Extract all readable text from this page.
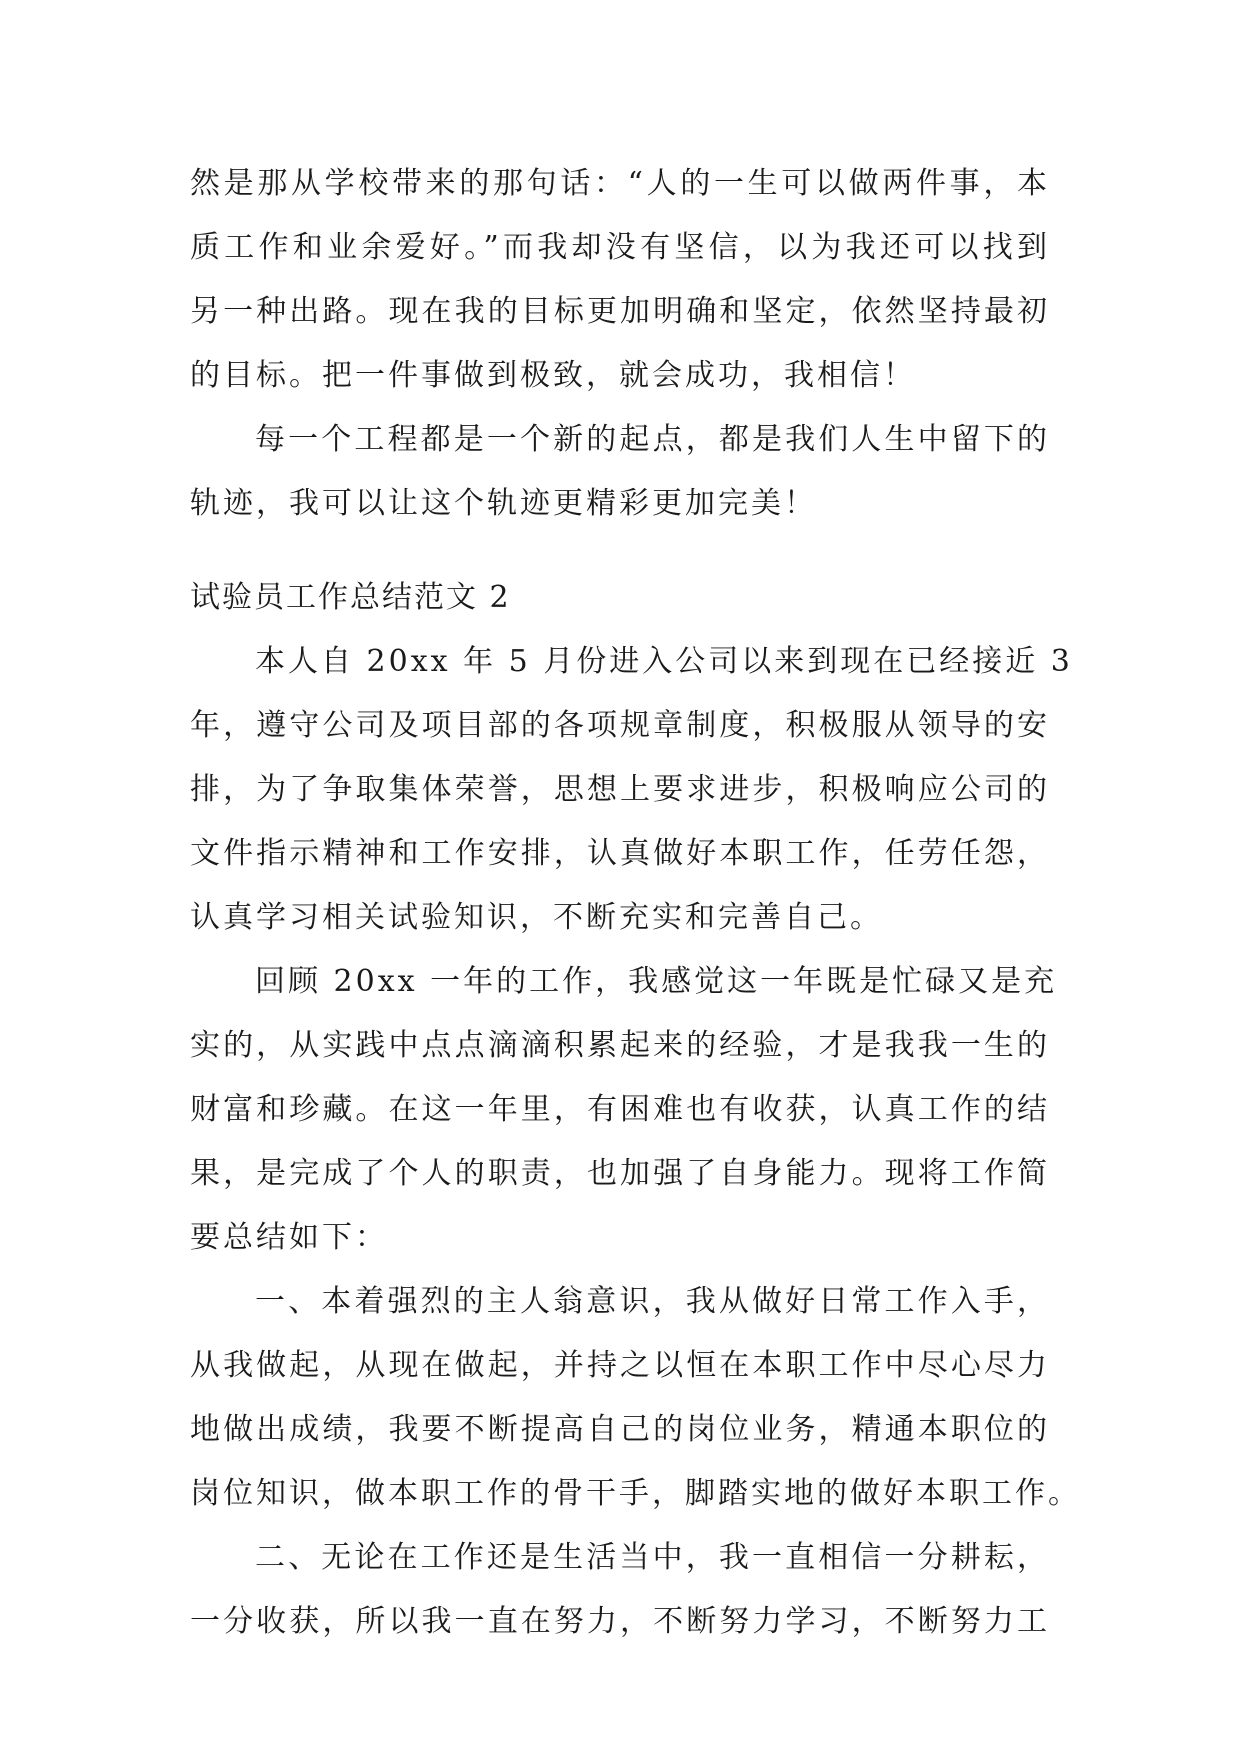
然是那从学校带来的那句话：“人的一生可以做两件事，本
质工作和业余爱好。”而我却没有坚信，以为我还可以找到
另一种出路。现在我的目标更加明确和坚定，依然坚持最初
的目标。把一件事做到极致，就会成功，我相信！
每一个工程都是一个新的起点，都是我们人生中留下的
轨迹，我可以让这个轨迹更精彩更加完美！
试验员工作总结范文 2
本人自 20xx 年 5 月份进入公司以来到现在已经接近 3
年，遵守公司及项目部的各项规章制度，积极服从领导的安
排，为了争取集体荣誉，思想上要求进步，积极响应公司的
文件指示精神和工作安排，认真做好本职工作，任劳任怨，
认真学习相关试验知识，不断充实和完善自己。
回顾 20xx 一年的工作，我感觉这一年既是忙碌又是充
实的，从实践中点点滴滴积累起来的经验，才是我我一生的
财富和珍藏。在这一年里，有困难也有收获，认真工作的结
果，是完成了个人的职责，也加强了自身能力。现将工作简
要总结如下：
一、本着强烈的主人翁意识，我从做好日常工作入手，
从我做起，从现在做起，并持之以恒在本职工作中尽心尽力
地做出成绩，我要不断提高自己的岗位业务，精通本职位的
岗位知识，做本职工作的骨干手，脚踏实地的做好本职工作。
二、无论在工作还是生活当中，我一直相信一分耕耘，
一分收获，所以我一直在努力，不断努力学习，不断努力工
